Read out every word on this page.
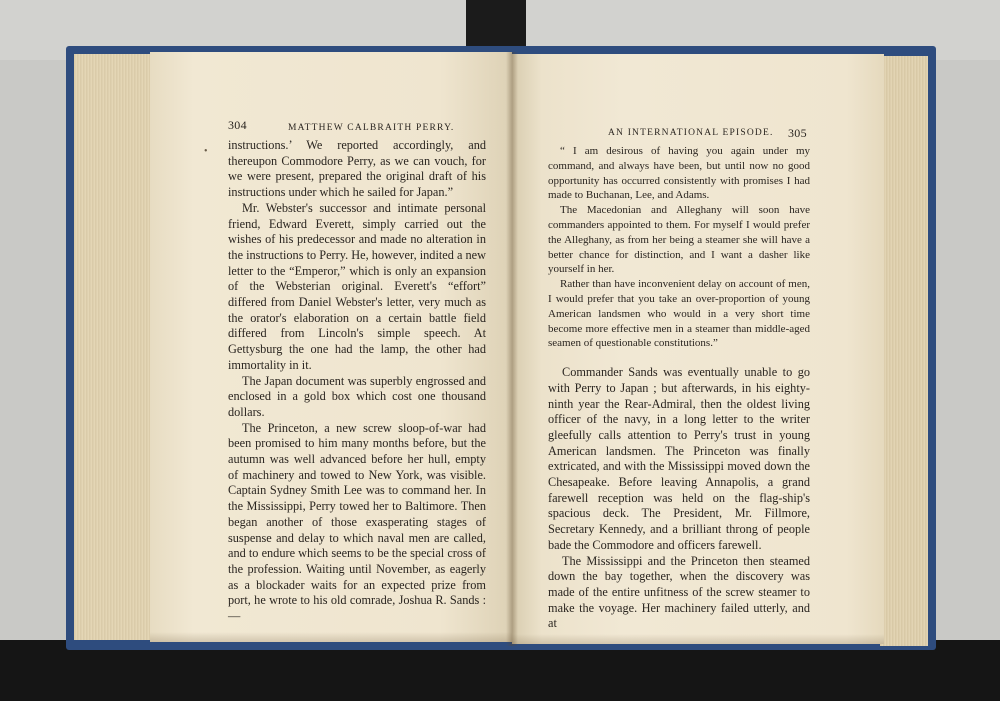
304	MATTHEW CALBRAITH PERRY.
• instructions.’ We reported accordingly, and thereupon Commodore Perry, as we can vouch, for we were present, prepared the original draft of his instructions under which he sailed for Japan.”

Mr. Webster's successor and intimate personal friend, Edward Everett, simply carried out the wishes of his predecessor and made no alteration in the instructions to Perry. He, however, indited a new letter to the “Emperor,” which is only an expansion of the Websterian original. Everett's “effort” differed from Daniel Webster's letter, very much as the orator's elaboration on a certain battle field differed from Lincoln's simple speech. At Gettysburg the one had the lamp, the other had immortality in it.

The Japan document was superbly engrossed and enclosed in a gold box which cost one thousand dollars.

The Princeton, a new screw sloop-of-war had been promised to him many months before, but the autumn was well advanced before her hull, empty of machinery and towed to New York, was visible. Captain Sydney Smith Lee was to command her. In the Mississippi, Perry towed her to Baltimore. Then began another of those exasperating stages of suspense and delay to which naval men are called, and to endure which seems to be the special cross of the profession. Waiting until November, as eagerly as a blockader waits for an expected prize from port, he wrote to his old comrade, Joshua R. Sands : —

AN INTERNATIONAL EPISODE. 305

“ I am desirous of having you again under my command, and always have been, but until now no good opportunity has occurred consistently with promises I had made to Buchanan, Lee, and Adams.

The Macedonian and Alleghany will soon have commanders appointed to them. For myself I would prefer the Alleghany, as from her being a steamer she will have a better chance for distinction, and I want a dasher like yourself in her.

Rather than have inconvenient delay on account of men, I would prefer that you take an over-proportion of young American landsmen who would in a very short time become more effective men in a steamer than middle-aged seamen of questionable constitutions.”

Commander Sands was eventually unable to go with Perry to Japan ; but afterwards, in his eighty-ninth year the Rear-Admiral, then the oldest living officer of the navy, in a long letter to the writer gleefully calls attention to Perry's trust in young American landsmen. The Princeton was finally extricated, and with the Mississippi moved down the Chesapeake. Before leaving Annapolis, a grand farewell reception was held on the flag-ship's spacious deck. The President, Mr. Fillmore, Secretary Kennedy, and a brilliant throng of people bade the Commodore and officers farewell.

The Mississippi and the Princeton then steamed down the bay together, when the discovery was made of the entire unfitness of the screw steamer to make the voyage. Her machinery failed utterly, and at
